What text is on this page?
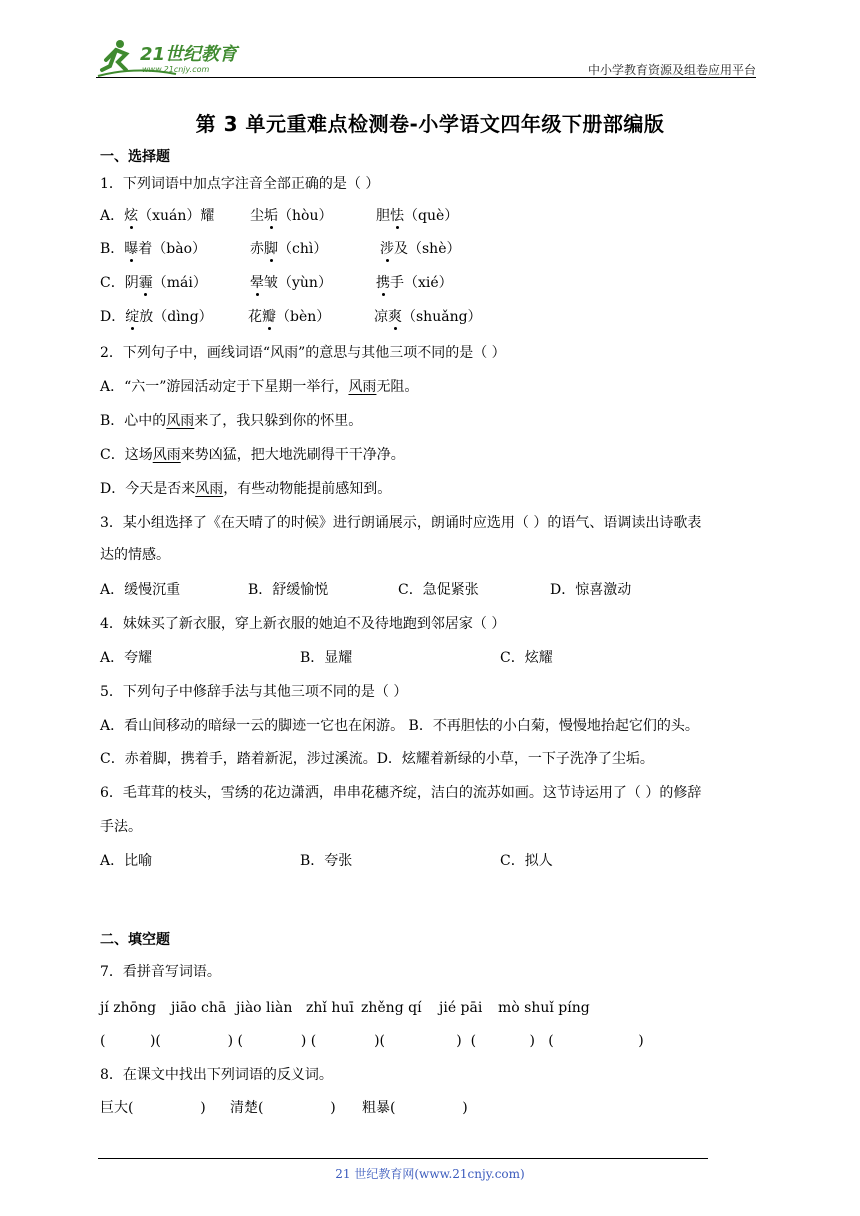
21世纪教育
www.21cnjy.com	中小学教育资源及组卷应用平台
第 3 单元重难点检测卷-小学语文四年级下册部编版
一、选择题
1．下列词语中加点字注音全部正确的是（ ）
A．炫（xuán）耀	尘垢（hòu）	胆怯（què）
B．曝着（bào）	赤脚（chì）	涉及（shè）
C．阴霾（mái）	晕皱（yùn）	携手（xié）
D．绽放（dìng）	花瓣（bèn）	凉爽（shuǎng）
2．下列句子中，画线词语“风雨”的意思与其他三项不同的是（ ）
A．“六一”游园活动定于下星期一举行，风雨无阻。
B．心中的风雨来了，我只躲到你的怀里。
C．这场风雨来势凶猛，把大地洗刷得干干净净。
D．今天是否来风雨，有些动物能提前感知到。
3．某小组选择了《在天晴了的时候》进行朗诵展示，朗诵时应选用（ ）的语气、语调读出诗歌表
达的情感。
A．缓慢沉重	B．舒缓愉悦	C．急促紧张	D．惊喜激动
4．妹妹买了新衣服，穿上新衣服的她迫不及待地跑到邻居家（ ）
A．夸耀	B．显耀	C．炫耀
5．下列句子中修辞手法与其他三项不同的是（ ）
A．看山间移动的暗绿一云的脚迹一它也在闲游。 B．不再胆怯的小白菊，慢慢地抬起它们的头。
C．赤着脚，携着手，踏着新泥，涉过溪流。D．炫耀着新绿的小草，一下子洗净了尘垢。
6．毛茸茸的枝头，雪绣的花边潇洒，串串花穗齐绽，洁白的流苏如画。这节诗运用了（ ）的修辞
手法。
A．比喻	B．夸张	C．拟人
二、填空题
7．看拼音写词语。
jí zhōng jiāo chā jiào liàn zhǐ huī zhěng qí jié pāi mò shuǐ píng
(          )(               ) (             ) (             )(                )  (            )   (                   )
8．在课文中找出下列词语的反义词。
巨大(               ) 清楚(               ) 粗暴(               )
21 世纪教育网(www.21cnjy.com)
